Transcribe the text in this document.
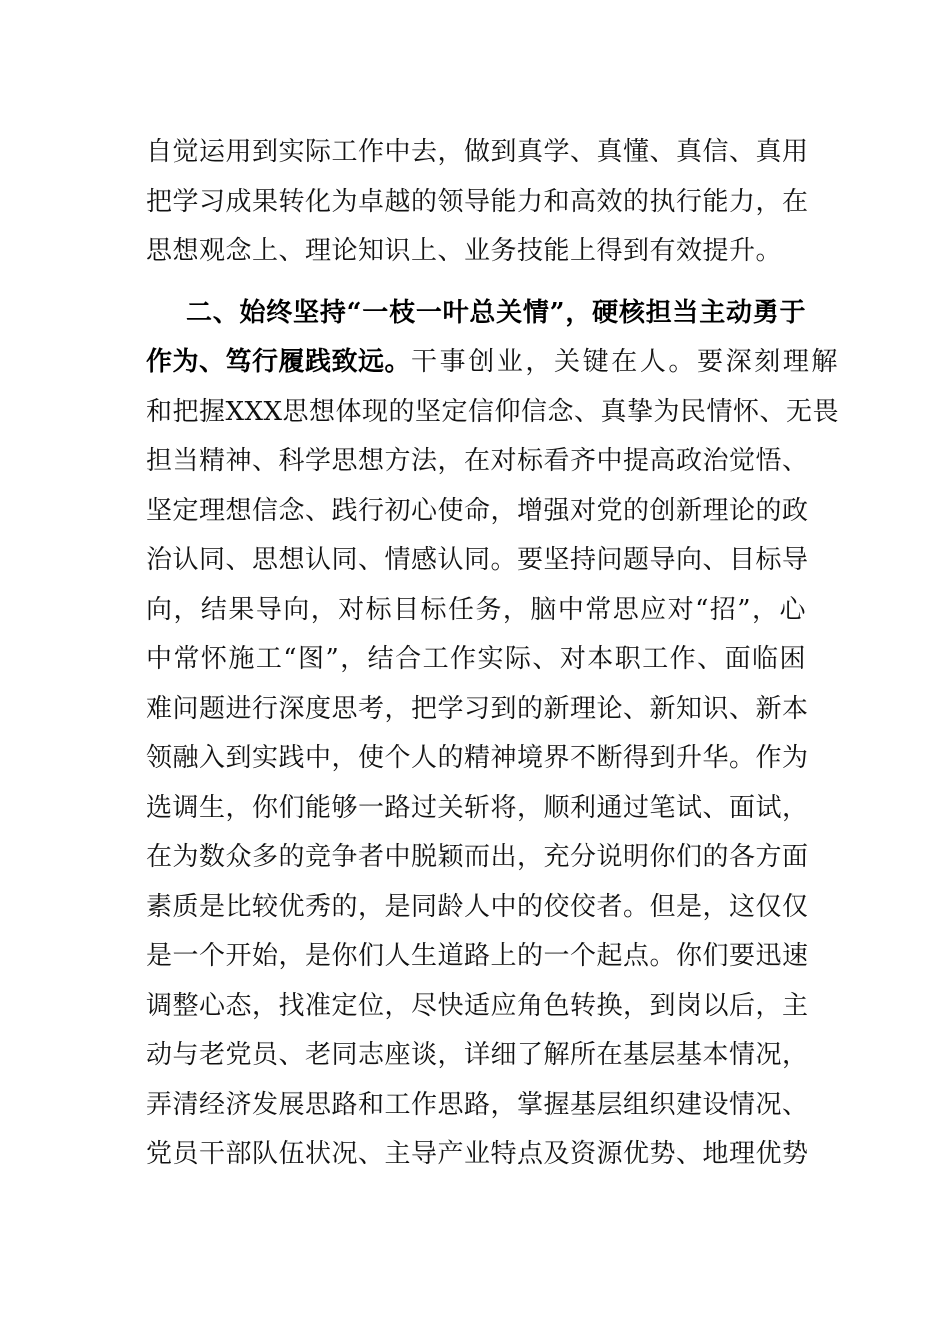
自觉运用到实际工作中去，做到真学、真懂、真信、真用
把学习成果转化为卓越的领导能力和高效的执行能力，在
思想观念上、理论知识上、业务技能上得到有效提升。
二、始终坚持“一枝一叶总关情”，硬核担当主动勇于
作为、笃行履践致远。干事创业，关键在人。要深刻理解
和把握XXX思想体现的坚定信仰信念、真挚为民情怀、无畏
担当精神、科学思想方法，在对标看齐中提高政治觉悟、
坚定理想信念、践行初心使命，增强对党的创新理论的政
治认同、思想认同、情感认同。要坚持问题导向、目标导
向，结果导向，对标目标任务，脑中常思应对“招”，心
中常怀施工“图”，结合工作实际、对本职工作、面临困
难问题进行深度思考，把学习到的新理论、新知识、新本
领融入到实践中，使个人的精神境界不断得到升华。作为
选调生，你们能够一路过关斩将，顺利通过笔试、面试，
在为数众多的竞争者中脱颖而出，充分说明你们的各方面
素质是比较优秀的，是同龄人中的佼佼者。但是，这仅仅
是一个开始，是你们人生道路上的一个起点。你们要迅速
调整心态，找准定位，尽快适应角色转换，到岗以后，主
动与老党员、老同志座谈，详细了解所在基层基本情况，
弄清经济发展思路和工作思路，掌握基层组织建设情况、
党员干部队伍状况、主导产业特点及资源优势、地理优势
